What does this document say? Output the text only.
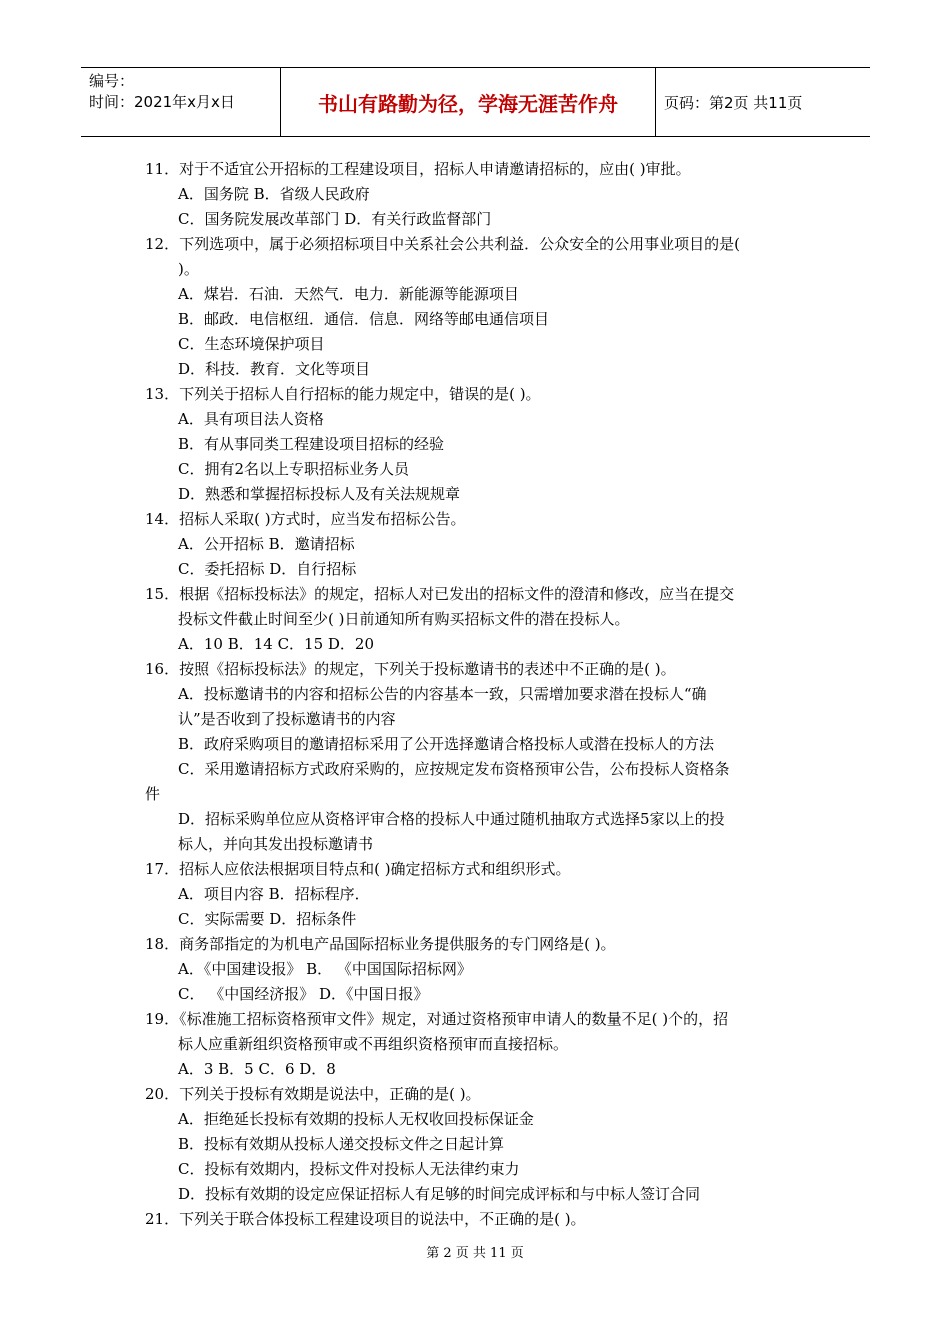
编号：
时间：2021年x月x日	书山有路勤为径，学海无涯苦作舟	页码：第2页 共11页
11．对于不适宜公开招标的工程建设项目，招标人申请邀请招标的，应由( )审批。
A．国务院 B．省级人民政府
C．国务院发展改革部门 D．有关行政监督部门
12．下列选项中，属于必须招标项目中关系社会公共利益．公众安全的公用事业项目的是(
)。
A．煤岩．石油．天然气．电力．新能源等能源项目
B．邮政．电信枢纽．通信．信息．网络等邮电通信项目
C．生态环境保护项目
D．科技．教育．文化等项目
13．下列关于招标人自行招标的能力规定中，错误的是( )。
A．具有项目法人资格
B．有从事同类工程建设项目招标的经验
C．拥有2名以上专职招标业务人员
D．熟悉和掌握招标投标人及有关法规规章
14．招标人采取( )方式时，应当发布招标公告。
A．公开招标 B．邀请招标
C．委托招标 D．自行招标
15．根据《招标投标法》的规定，招标人对已发出的招标文件的澄清和修改，应当在提交
投标文件截止时间至少( )日前通知所有购买招标文件的潜在投标人。
A．10 B．14 C．15 D．20
16．按照《招标投标法》的规定，下列关于投标邀请书的表述中不正确的是( )。
A．投标邀请书的内容和招标公告的内容基本一致，只需增加要求潜在投标人“确
认”是否收到了投标邀请书的内容
B．政府采购项目的邀请招标采用了公开选择邀请合格投标人或潜在投标人的方法
C．采用邀请招标方式政府采购的，应按规定发布资格预审公告，公布投标人资格条
件
D．招标采购单位应从资格评审合格的投标人中通过随机抽取方式选择5家以上的投
标人，并向其发出投标邀请书
17．招标人应依法根据项目特点和( )确定招标方式和组织形式。
A．项目内容 B．招标程序．
C．实际需要 D．招标条件
18．商务部指定的为机电产品国际招标业务提供服务的专门网络是( )。
A．《中国建设报》 B． 《中国国际招标网》
C． 《中国经济报》 D．《中国日报》
19．《标准施工招标资格预审文件》规定，对通过资格预审申请人的数量不足( )个的，招
标人应重新组织资格预审或不再组织资格预审而直接招标。
A．3 B．5 C．6 D．8
20．下列关于投标有效期是说法中，正确的是( )。
A．拒绝延长投标有效期的投标人无权收回投标保证金
B．投标有效期从投标人递交投标文件之日起计算
C．投标有效期内，投标文件对投标人无法律约束力
D．投标有效期的设定应保证招标人有足够的时间完成评标和与中标人签订合同
21．下列关于联合体投标工程建设项目的说法中，不正确的是( )。
第 2 页 共 11 页
